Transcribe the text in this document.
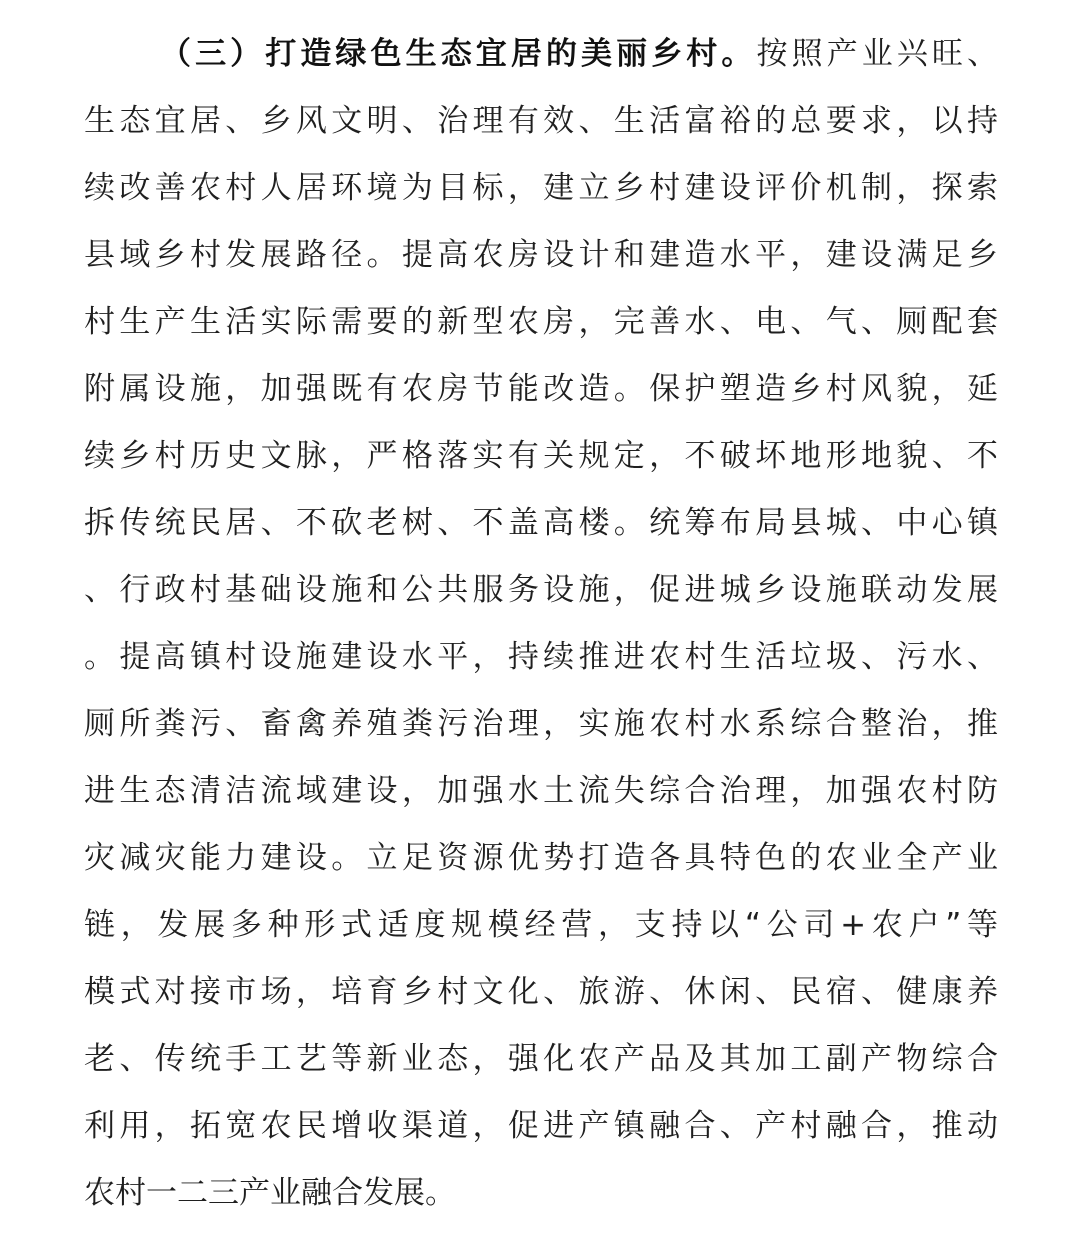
（三）打造绿色生态宜居的美丽乡村。按照产业兴旺、
生态宜居、乡风文明、治理有效、生活富裕的总要求，以持
续改善农村人居环境为目标，建立乡村建设评价机制，探索
县域乡村发展路径。提高农房设计和建造水平，建设满足乡
村生产生活实际需要的新型农房，完善水、电、气、厕配套
附属设施，加强既有农房节能改造。保护塑造乡村风貌，延
续乡村历史文脉，严格落实有关规定，不破坏地形地貌、不
拆传统民居、不砍老树、不盖高楼。统筹布局县城、中心镇
、行政村基础设施和公共服务设施，促进城乡设施联动发展
。提高镇村设施建设水平，持续推进农村生活垃圾、污水、
厕所粪污、畜禽养殖粪污治理，实施农村水系综合整治，推
进生态清洁流域建设，加强水土流失综合治理，加强农村防
灾减灾能力建设。立足资源优势打造各具特色的农业全产业
链，发展多种形式适度规模经营，支持以“公司+农户”等
模式对接市场，培育乡村文化、旅游、休闲、民宿、健康养
老、传统手工艺等新业态，强化农产品及其加工副产物综合
利用，拓宽农民增收渠道，促进产镇融合、产村融合，推动
农村一二三产业融合发展。
